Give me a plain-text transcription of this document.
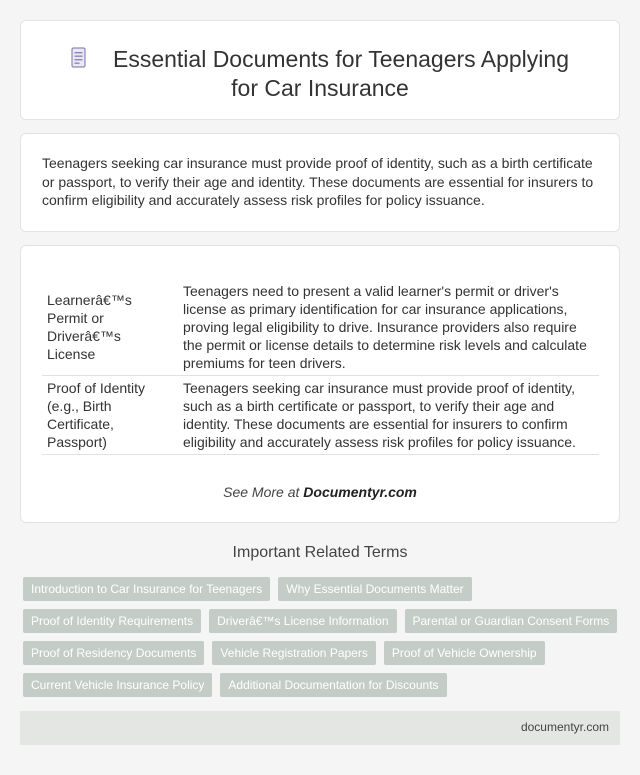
Essential Documents for Teenagers Applying
for Car Insurance

Teenagers seeking car insurance must provide proof of identity, such as a birth certificate or passport, to verify their age and identity. These documents are essential for insurers to confirm eligibility and accurately assess risk profiles for policy issuance.

Learnerâ€™s Permit or Driverâ€™s License	Teenagers need to present a valid learner's permit or driver's license as primary identification for car insurance applications, proving legal eligibility to drive. Insurance providers also require the permit or license details to determine risk levels and calculate premiums for teen drivers.
Proof of Identity (e.g., Birth Certificate, Passport)	Teenagers seeking car insurance must provide proof of identity, such as a birth certificate or passport, to verify their age and identity. These documents are essential for insurers to confirm eligibility and accurately assess risk profiles for policy issuance.
See More at Documentyr.com
Important Related Terms
Introduction to Car Insurance for Teenagers	Why Essential Documents Matter
Proof of Identity Requirements	Driverâ€™s License Information	Parental or Guardian Consent Forms
Proof of Residency Documents	Vehicle Registration Papers	Proof of Vehicle Ownership
Current Vehicle Insurance Policy	Additional Documentation for Discounts
documentyr.com
